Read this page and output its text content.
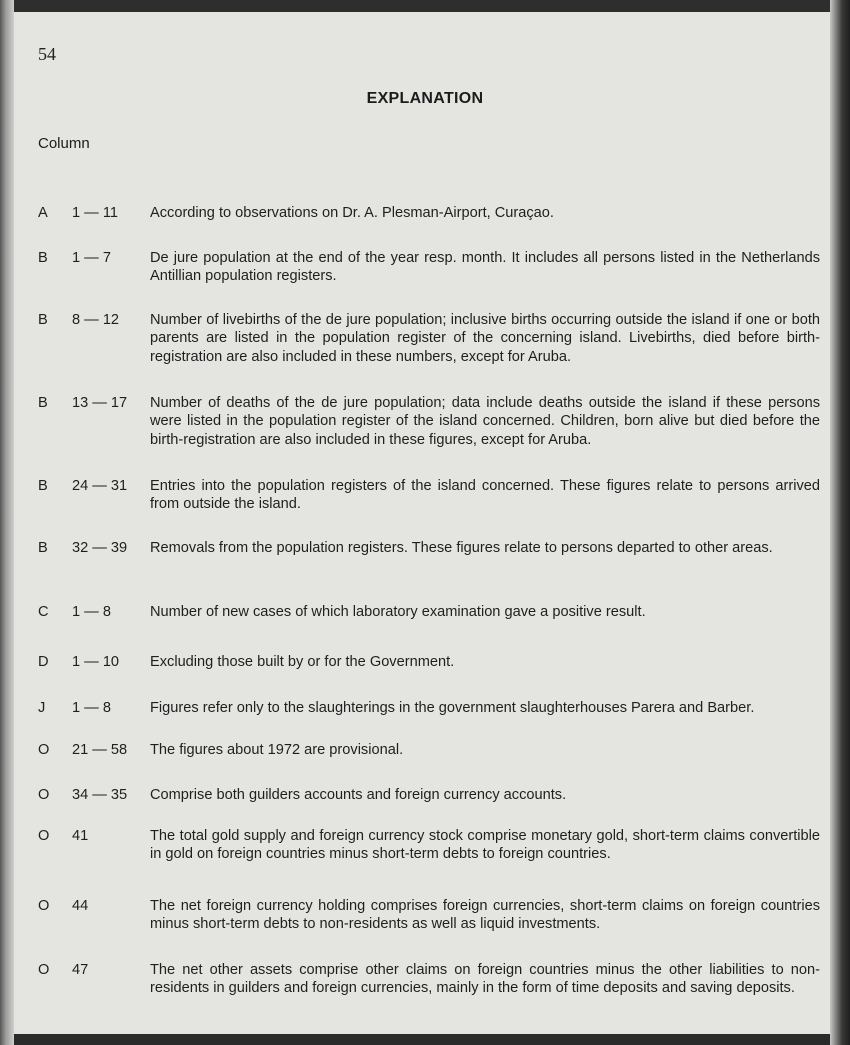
54
EXPLANATION
Column
A	1 — 11	According to observations on Dr. A. Plesman-Airport, Curaçao.
B	1 — 7	De jure population at the end of the year resp. month. It includes all persons listed in the Netherlands Antillian population registers.
B	8 — 12	Number of livebirths of the de jure population; inclusive births occurring outside the island if one or both parents are listed in the population register of the concerning island. Livebirths, died before birth-registration are also included in these numbers, except for Aruba.
B	13 — 17	Number of deaths of the de jure population; data include deaths outside the island if these persons were listed in the population register of the island concerned. Children, born alive but died before the birth-registration are also included in these figures, except for Aruba.
B	24 — 31	Entries into the population registers of the island concerned. These figures relate to persons arrived from outside the island.
B	32 — 39	Removals from the population registers. These figures relate to persons departed to other areas.
C	1 — 8	Number of new cases of which laboratory examination gave a positive result.
D	1 — 10	Excluding those built by or for the Government.
J	1 — 8	Figures refer only to the slaughterings in the government slaughterhouses Parera and Barber.
O	21 — 58	The figures about 1972 are provisional.
O	34 — 35	Comprise both guilders accounts and foreign currency accounts.
O	41	The total gold supply and foreign currency stock comprise monetary gold, short-term claims convertible in gold on foreign countries minus short-term debts to foreign countries.
O	44	The net foreign currency holding comprises foreign currencies, short-term claims on foreign countries minus short-term debts to non-residents as well as liquid investments.
O	47	The net other assets comprise other claims on foreign countries minus the other liabilities to non-residents in guilders and foreign currencies, mainly in the form of time deposits and saving deposits.
